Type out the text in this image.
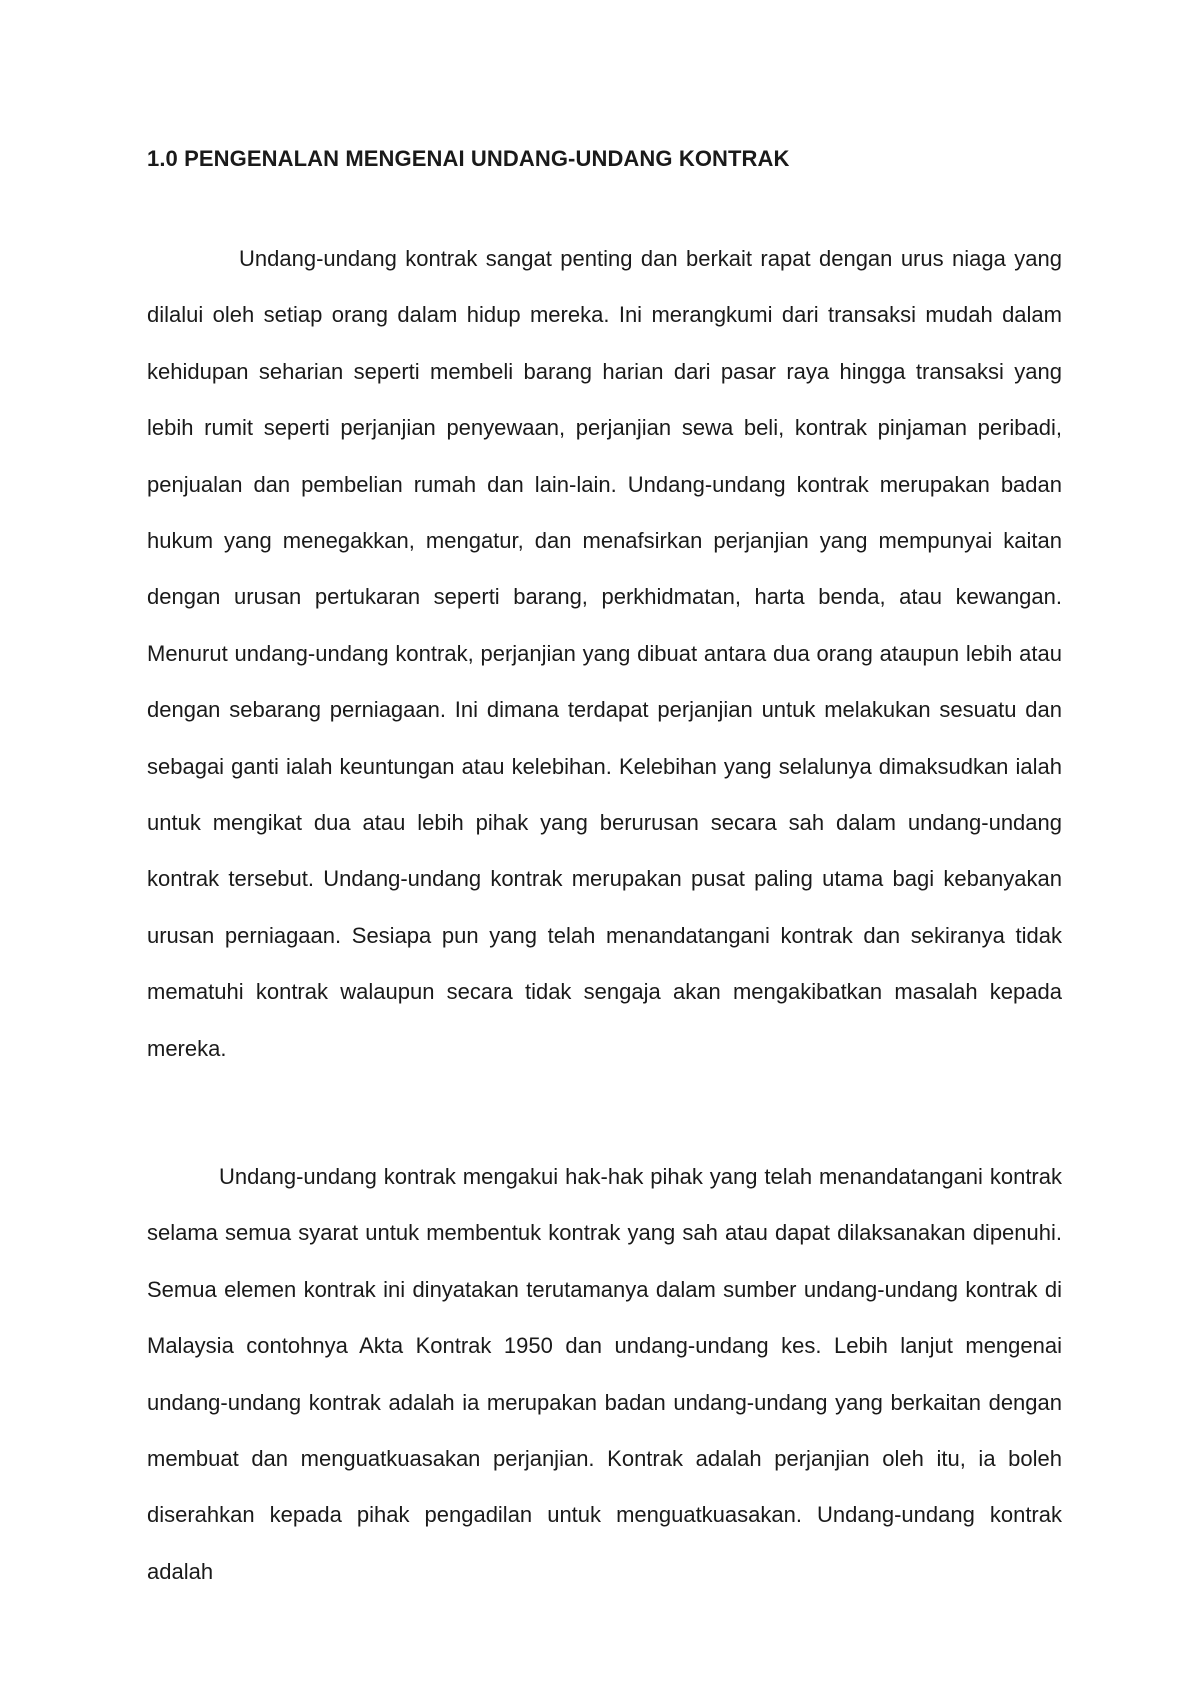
1.0 PENGENALAN MENGENAI UNDANG-UNDANG KONTRAK

Undang-undang kontrak sangat penting dan berkait rapat dengan urus niaga yang dilalui oleh setiap orang dalam hidup mereka. Ini merangkumi dari transaksi mudah dalam kehidupan seharian seperti membeli barang harian dari pasar raya hingga transaksi yang lebih rumit seperti perjanjian penyewaan, perjanjian sewa beli, kontrak pinjaman peribadi, penjualan dan pembelian rumah dan lain-lain. Undang-undang kontrak merupakan badan hukum yang menegakkan, mengatur, dan menafsirkan perjanjian yang mempunyai kaitan dengan urusan pertukaran seperti barang, perkhidmatan, harta benda, atau kewangan. Menurut undang-undang kontrak, perjanjian yang dibuat antara dua orang ataupun lebih atau dengan sebarang perniagaan. Ini dimana terdapat perjanjian untuk melakukan sesuatu dan sebagai ganti ialah keuntungan atau kelebihan. Kelebihan yang selalunya dimaksudkan ialah untuk mengikat dua atau lebih pihak yang berurusan secara sah dalam undang-undang kontrak tersebut. Undang-undang kontrak merupakan pusat paling utama bagi kebanyakan urusan perniagaan. Sesiapa pun yang telah menandatangani kontrak dan sekiranya tidak mematuhi kontrak walaupun secara tidak sengaja akan mengakibatkan masalah kepada mereka.

Undang-undang kontrak mengakui hak-hak pihak yang telah menandatangani kontrak selama semua syarat untuk membentuk kontrak yang sah atau dapat dilaksanakan dipenuhi. Semua elemen kontrak ini dinyatakan terutamanya dalam sumber undang-undang kontrak di Malaysia contohnya Akta Kontrak 1950 dan undang-undang kes. Lebih lanjut mengenai undang-undang kontrak adalah ia merupakan badan undang-undang yang berkaitan dengan membuat dan menguatkuasakan perjanjian. Kontrak adalah perjanjian oleh itu, ia boleh diserahkan kepada pihak pengadilan untuk menguatkuasakan. Undang-undang kontrak adalah
